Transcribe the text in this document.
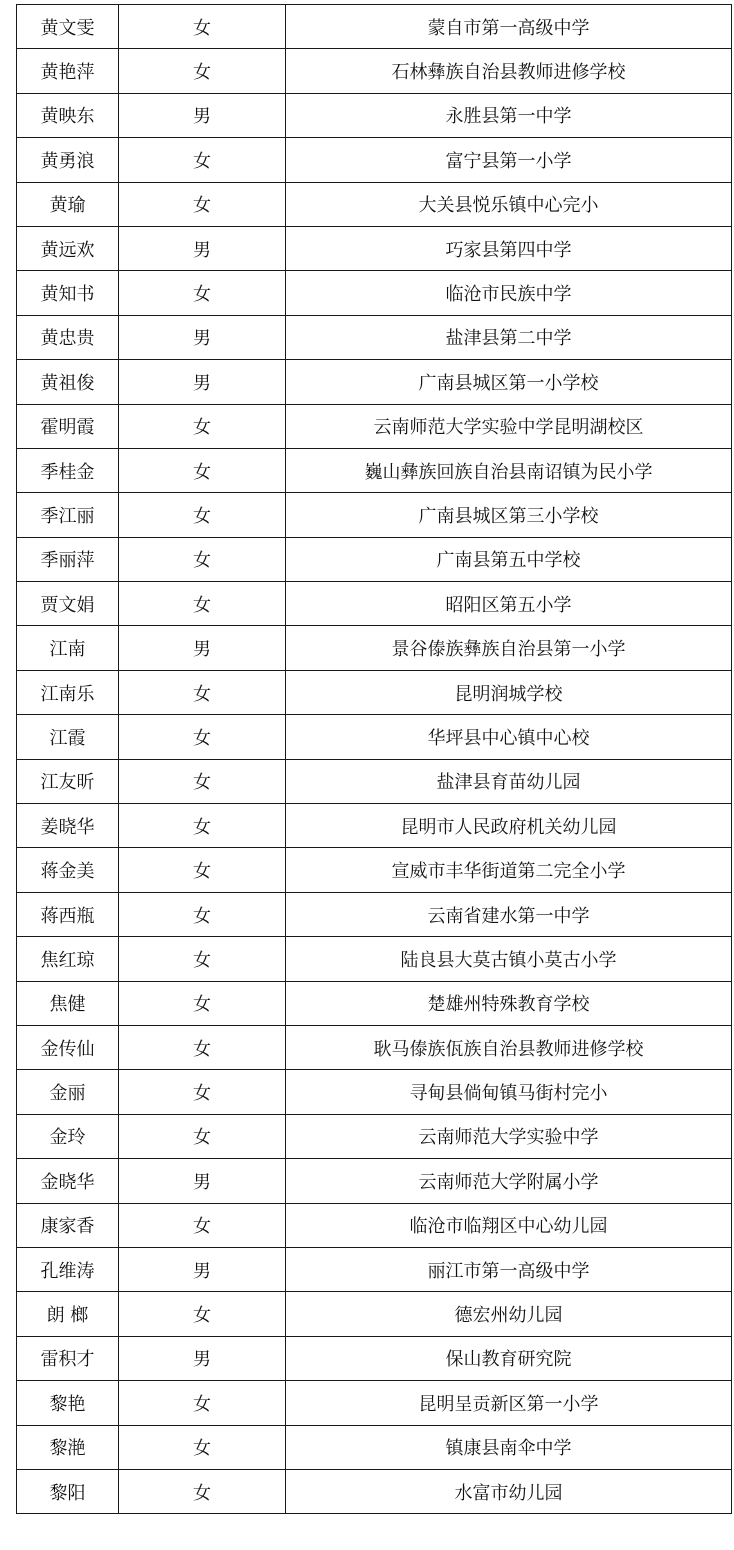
黄文雯	女	蒙自市第一高级中学
黄艳萍	女	石林彝族自治县教师进修学校
黄映东	男	永胜县第一中学
黄勇浪	女	富宁县第一小学
黄瑜	女	大关县悦乐镇中心完小
黄远欢	男	巧家县第四中学
黄知书	女	临沧市民族中学
黄忠贵	男	盐津县第二中学
黄祖俊	男	广南县城区第一小学校
霍明霞	女	云南师范大学实验中学昆明湖校区
季桂金	女	巍山彝族回族自治县南诏镇为民小学
季江丽	女	广南县城区第三小学校
季丽萍	女	广南县第五中学校
贾文娟	女	昭阳区第五小学
江南	男	景谷傣族彝族自治县第一小学
江南乐	女	昆明润城学校
江霞	女	华坪县中心镇中心校
江友昕	女	盐津县育苗幼儿园
姜晓华	女	昆明市人民政府机关幼儿园
蒋金美	女	宣威市丰华街道第二完全小学
蒋西瓶	女	云南省建水第一中学
焦红琼	女	陆良县大莫古镇小莫古小学
焦健	女	楚雄州特殊教育学校
金传仙	女	耿马傣族佤族自治县教师进修学校
金丽	女	寻甸县倘甸镇马街村完小
金玲	女	云南师范大学实验中学
金晓华	男	云南师范大学附属小学
康家香	女	临沧市临翔区中心幼儿园
孔维涛	男	丽江市第一高级中学
朗 榔	女	德宏州幼儿园
雷积才	男	保山教育研究院
黎艳	女	昆明呈贡新区第一小学
黎滟	女	镇康县南伞中学
黎阳	女	水富市幼儿园
